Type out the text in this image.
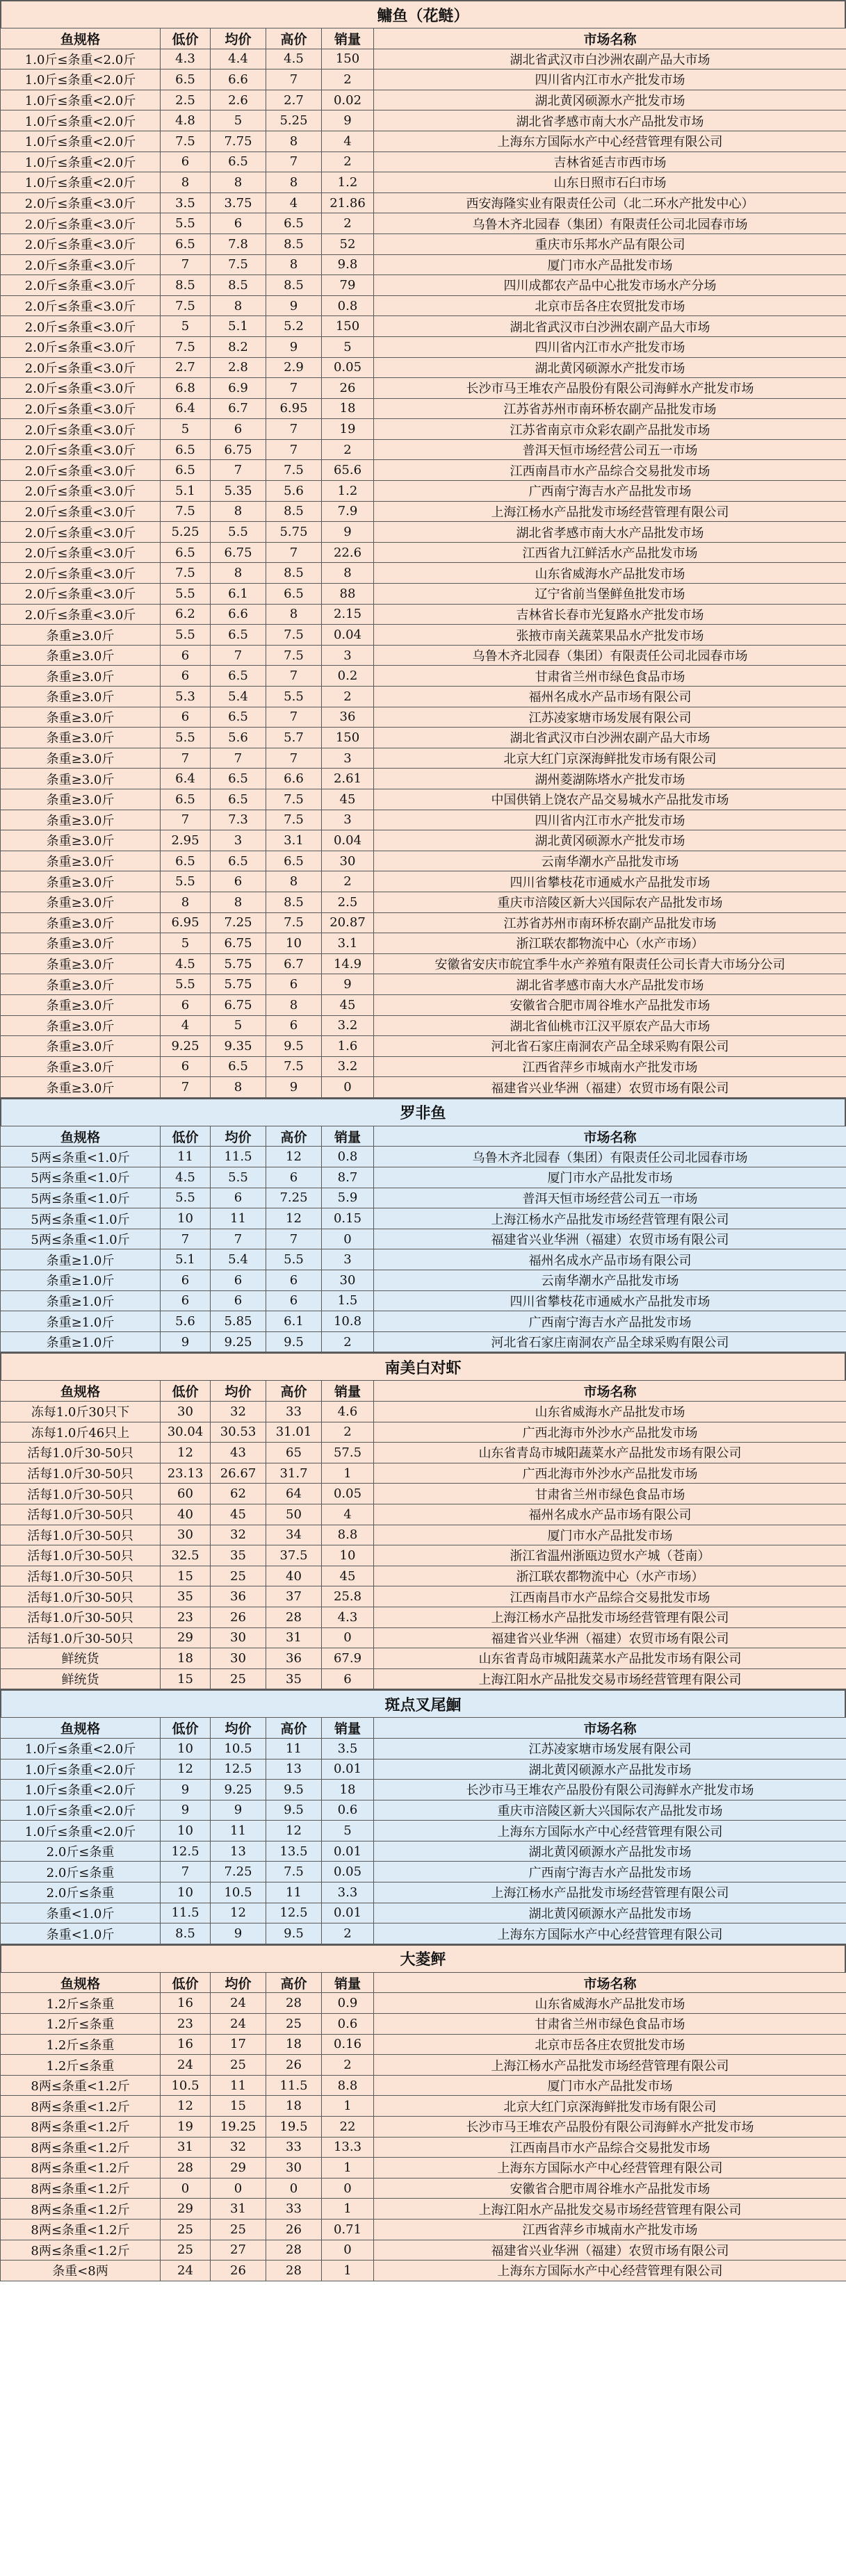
鳙鱼（花鲢）
鱼规格	低价	均价	高价	销量	市场名称
1.0斤≤条重<2.0斤	4.3	4.4	4.5	150	湖北省武汉市白沙洲农副产品大市场
1.0斤≤条重<2.0斤	6.5	6.6	7	2	四川省内江市水产批发市场
1.0斤≤条重<2.0斤	2.5	2.6	2.7	0.02	湖北黄冈硕源水产批发市场
1.0斤≤条重<2.0斤	4.8	5	5.25	9	湖北省孝感市南大水产品批发市场
1.0斤≤条重<2.0斤	7.5	7.75	8	4	上海东方国际水产中心经营管理有限公司
1.0斤≤条重<2.0斤	6	6.5	7	2	吉林省延吉市西市场
1.0斤≤条重<2.0斤	8	8	8	1.2	山东日照市石臼市场
2.0斤≤条重<3.0斤	3.5	3.75	4	21.86	西安海隆实业有限责任公司（北二环水产批发中心）
2.0斤≤条重<3.0斤	5.5	6	6.5	2	乌鲁木齐北园春（集团）有限责任公司北园春市场
2.0斤≤条重<3.0斤	6.5	7.8	8.5	52	重庆市乐邦水产品有限公司
2.0斤≤条重<3.0斤	7	7.5	8	9.8	厦门市水产品批发市场
2.0斤≤条重<3.0斤	8.5	8.5	8.5	79	四川成都农产品中心批发市场水产分场
2.0斤≤条重<3.0斤	7.5	8	9	0.8	北京市岳各庄农贸批发市场
2.0斤≤条重<3.0斤	5	5.1	5.2	150	湖北省武汉市白沙洲农副产品大市场
2.0斤≤条重<3.0斤	7.5	8.2	9	5	四川省内江市水产批发市场
2.0斤≤条重<3.0斤	2.7	2.8	2.9	0.05	湖北黄冈硕源水产批发市场
2.0斤≤条重<3.0斤	6.8	6.9	7	26	长沙市马王堆农产品股份有限公司海鲜水产批发市场
2.0斤≤条重<3.0斤	6.4	6.7	6.95	18	江苏省苏州市南环桥农副产品批发市场
2.0斤≤条重<3.0斤	5	6	7	19	江苏省南京市众彩农副产品批发市场
2.0斤≤条重<3.0斤	6.5	6.75	7	2	普洱天恒市场经营公司五一市场
2.0斤≤条重<3.0斤	6.5	7	7.5	65.6	江西南昌市水产品综合交易批发市场
2.0斤≤条重<3.0斤	5.1	5.35	5.6	1.2	广西南宁海吉水产品批发市场
2.0斤≤条重<3.0斤	7.5	8	8.5	7.9	上海江杨水产品批发市场经营管理有限公司
2.0斤≤条重<3.0斤	5.25	5.5	5.75	9	湖北省孝感市南大水产品批发市场
2.0斤≤条重<3.0斤	6.5	6.75	7	22.6	江西省九江鲜活水产品批发市场
2.0斤≤条重<3.0斤	7.5	8	8.5	8	山东省威海水产品批发市场
2.0斤≤条重<3.0斤	5.5	6.1	6.5	88	辽宁省前当堡鲜鱼批发市场
2.0斤≤条重<3.0斤	6.2	6.6	8	2.15	吉林省长春市光复路水产批发市场
条重≥3.0斤	5.5	6.5	7.5	0.04	张掖市南关蔬菜果品水产批发市场
条重≥3.0斤	6	7	7.5	3	乌鲁木齐北园春（集团）有限责任公司北园春市场
条重≥3.0斤	6	6.5	7	0.2	甘肃省兰州市绿色食品市场
条重≥3.0斤	5.3	5.4	5.5	2	福州名成水产品市场有限公司
条重≥3.0斤	6	6.5	7	36	江苏凌家塘市场发展有限公司
条重≥3.0斤	5.5	5.6	5.7	150	湖北省武汉市白沙洲农副产品大市场
条重≥3.0斤	7	7	7	3	北京大红门京深海鲜批发市场有限公司
条重≥3.0斤	6.4	6.5	6.6	2.61	湖州菱湖陈塔水产批发市场
条重≥3.0斤	6.5	6.5	7.5	45	中国供销上饶农产品交易城水产品批发市场
条重≥3.0斤	7	7.3	7.5	3	四川省内江市水产批发市场
条重≥3.0斤	2.95	3	3.1	0.04	湖北黄冈硕源水产批发市场
条重≥3.0斤	6.5	6.5	6.5	30	云南华潮水产品批发市场
条重≥3.0斤	5.5	6	8	2	四川省攀枝花市通威水产品批发市场
条重≥3.0斤	8	8	8.5	2.5	重庆市涪陵区新大兴国际农产品批发市场
条重≥3.0斤	6.95	7.25	7.5	20.87	江苏省苏州市南环桥农副产品批发市场
条重≥3.0斤	5	6.75	10	3.1	浙江联农都物流中心（水产市场）
条重≥3.0斤	4.5	5.75	6.7	14.9	安徽省安庆市皖宜季牛水产养殖有限责任公司长青大市场分公司
条重≥3.0斤	5.5	5.75	6	9	湖北省孝感市南大水产品批发市场
条重≥3.0斤	6	6.75	8	45	安徽省合肥市周谷堆水产品批发市场
条重≥3.0斤	4	5	6	3.2	湖北省仙桃市江汉平原农产品大市场
条重≥3.0斤	9.25	9.35	9.5	1.6	河北省石家庄南洞农产品全球采购有限公司
条重≥3.0斤	6	6.5	7.5	3.2	江西省萍乡市城南水产批发市场
条重≥3.0斤	7	8	9	0	福建省兴业华洲（福建）农贸市场有限公司
罗非鱼
鱼规格	低价	均价	高价	销量	市场名称
5两≤条重<1.0斤	11	11.5	12	0.8	乌鲁木齐北园春（集团）有限责任公司北园春市场
5两≤条重<1.0斤	4.5	5.5	6	8.7	厦门市水产品批发市场
5两≤条重<1.0斤	5.5	6	7.25	5.9	普洱天恒市场经营公司五一市场
5两≤条重<1.0斤	10	11	12	0.15	上海江杨水产品批发市场经营管理有限公司
5两≤条重<1.0斤	7	7	7	0	福建省兴业华洲（福建）农贸市场有限公司
条重≥1.0斤	5.1	5.4	5.5	3	福州名成水产品市场有限公司
条重≥1.0斤	6	6	6	30	云南华潮水产品批发市场
条重≥1.0斤	6	6	6	1.5	四川省攀枝花市通威水产品批发市场
条重≥1.0斤	5.6	5.85	6.1	10.8	广西南宁海吉水产品批发市场
条重≥1.0斤	9	9.25	9.5	2	河北省石家庄南洞农产品全球采购有限公司
南美白对虾
鱼规格	低价	均价	高价	销量	市场名称
冻每1.0斤30只下	30	32	33	4.6	山东省威海水产品批发市场
冻每1.0斤46只上	30.04	30.53	31.01	2	广西北海市外沙水产品批发市场
活每1.0斤30-50只	12	43	65	57.5	山东省青岛市城阳蔬菜水产品批发市场有限公司
活每1.0斤30-50只	23.13	26.67	31.7	1	广西北海市外沙水产品批发市场
活每1.0斤30-50只	60	62	64	0.05	甘肃省兰州市绿色食品市场
活每1.0斤30-50只	40	45	50	4	福州名成水产品市场有限公司
活每1.0斤30-50只	30	32	34	8.8	厦门市水产品批发市场
活每1.0斤30-50只	32.5	35	37.5	10	浙江省温州浙瓯边贸水产城（苍南）
活每1.0斤30-50只	15	25	40	45	浙江联农都物流中心（水产市场）
活每1.0斤30-50只	35	36	37	25.8	江西南昌市水产品综合交易批发市场
活每1.0斤30-50只	23	26	28	4.3	上海江杨水产品批发市场经营管理有限公司
活每1.0斤30-50只	29	30	31	0	福建省兴业华洲（福建）农贸市场有限公司
鲜统货	18	30	36	67.9	山东省青岛市城阳蔬菜水产品批发市场有限公司
鲜统货	15	25	35	6	上海江阳水产品批发交易市场经营管理有限公司
斑点叉尾鮰
鱼规格	低价	均价	高价	销量	市场名称
1.0斤≤条重<2.0斤	10	10.5	11	3.5	江苏凌家塘市场发展有限公司
1.0斤≤条重<2.0斤	12	12.5	13	0.01	湖北黄冈硕源水产品批发市场
1.0斤≤条重<2.0斤	9	9.25	9.5	18	长沙市马王堆农产品股份有限公司海鲜水产批发市场
1.0斤≤条重<2.0斤	9	9	9.5	0.6	重庆市涪陵区新大兴国际农产品批发市场
1.0斤≤条重<2.0斤	10	11	12	5	上海东方国际水产中心经营管理有限公司
2.0斤≤条重	12.5	13	13.5	0.01	湖北黄冈硕源水产品批发市场
2.0斤≤条重	7	7.25	7.5	0.05	广西南宁海吉水产品批发市场
2.0斤≤条重	10	10.5	11	3.3	上海江杨水产品批发市场经营管理有限公司
条重<1.0斤	11.5	12	12.5	0.01	湖北黄冈硕源水产品批发市场
条重<1.0斤	8.5	9	9.5	2	上海东方国际水产中心经营管理有限公司
大菱鲆
鱼规格	低价	均价	高价	销量	市场名称
1.2斤≤条重	16	24	28	0.9	山东省威海水产品批发市场
1.2斤≤条重	23	24	25	0.6	甘肃省兰州市绿色食品市场
1.2斤≤条重	16	17	18	0.16	北京市岳各庄农贸批发市场
1.2斤≤条重	24	25	26	2	上海江杨水产品批发市场经营管理有限公司
8两≤条重<1.2斤	10.5	11	11.5	8.8	厦门市水产品批发市场
8两≤条重<1.2斤	12	15	18	1	北京大红门京深海鲜批发市场有限公司
8两≤条重<1.2斤	19	19.25	19.5	22	长沙市马王堆农产品股份有限公司海鲜水产批发市场
8两≤条重<1.2斤	31	32	33	13.3	江西南昌市水产品综合交易批发市场
8两≤条重<1.2斤	28	29	30	1	上海东方国际水产中心经营管理有限公司
8两≤条重<1.2斤	0	0	0	0	安徽省合肥市周谷堆水产品批发市场
8两≤条重<1.2斤	29	31	33	1	上海江阳水产品批发交易市场经营管理有限公司
8两≤条重<1.2斤	25	25	26	0.71	江西省萍乡市城南水产批发市场
8两≤条重<1.2斤	25	27	28	0	福建省兴业华洲（福建）农贸市场有限公司
条重<8两	24	26	28	1	上海东方国际水产中心经营管理有限公司
